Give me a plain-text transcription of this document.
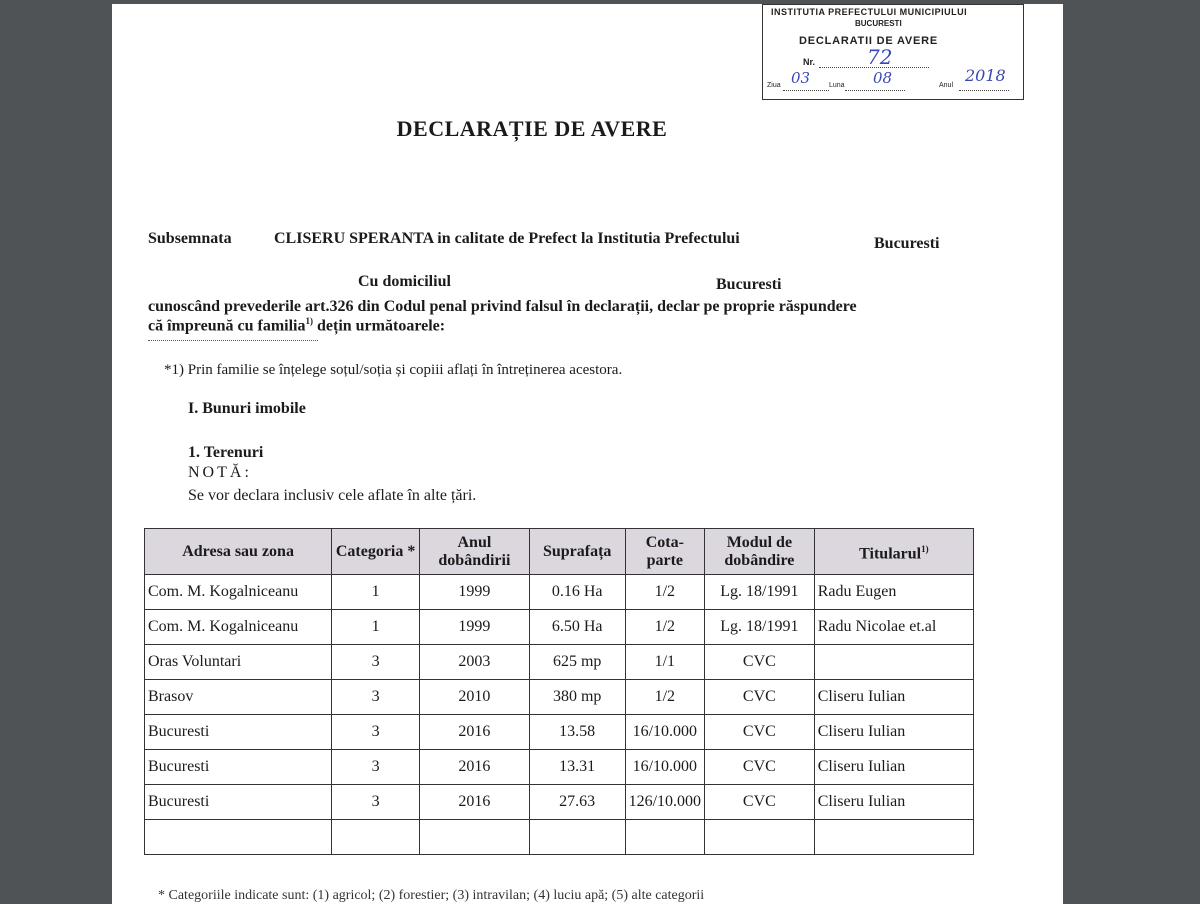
INSTITUTIA PREFECTULUI MUNICIPIULUI
BUCURESTI
DECLARATII DE AVERE
Nr.	72
Ziua 03	Luna 08	Anul
2018
DECLARAȚIE DE AVERE
Subsemnata	CLISERU SPERANTA in calitate de Prefect la Institutia Prefectului	Bucuresti
Cu domiciliul	Bucuresti
cunoscând prevederile art.326 din Codul penal privind falsul în declarații, declar pe proprie răspundere
că împreună cu familia$^{1)}$ dețin următoarele:
*1) Prin familie se înțelege soțul/soția și copiii aflați în întreținerea acestora.
I. Bunuri imobile
1. Terenuri
NOTĂ:
Se vor declara inclusiv cele aflate în alte țări.
Adresa sau zona	Categoria *	Anul dobândirii	Suprafața	Cota-parte	Modul de dobândire	Titularul$^{1)}$
Com. M. Kogalniceanu	1	1999	0.16 Ha	1/2	Lg. 18/1991	Radu Eugen
Com. M. Kogalniceanu	1	1999	6.50 Ha	1/2	Lg. 18/1991	Radu Nicolae et.al
Oras Voluntari	3	2003	625 mp	1/1	CVC	
Brasov	3	2010	380 mp	1/2	CVC	Cliseru Iulian
Bucuresti	3	2016	13.58	16/10.000	CVC	Cliseru Iulian
Bucuresti	3	2016	13.31	16/10.000	CVC	Cliseru Iulian
Bucuresti	3	2016	27.63	126/10.000	CVC	Cliseru Iulian

* Categoriile indicate sunt: (1) agricol; (2) forestier; (3) intravilan; (4) luciu apă; (5) alte categorii
